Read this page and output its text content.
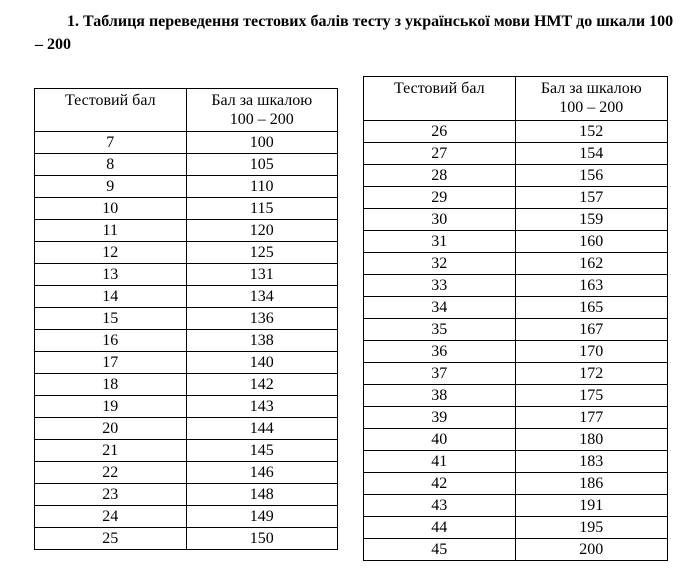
1. Таблиця переведення тестових балів тесту з української мови НМТ до шкали 100 – 200
Тестовий бал	Бал за шкалою
100 – 200
7	100
8	105
9	110
10	115
11	120
12	125
13	131
14	134
15	136
16	138
17	140
18	142
19	143
20	144
21	145
22	146
23	148
24	149
25	150
Тестовий бал	Бал за шкалою
100 – 200
26	152
27	154
28	156
29	157
30	159
31	160
32	162
33	163
34	165
35	167
36	170
37	172
38	175
39	177
40	180
41	183
42	186
43	191
44	195
45	200
